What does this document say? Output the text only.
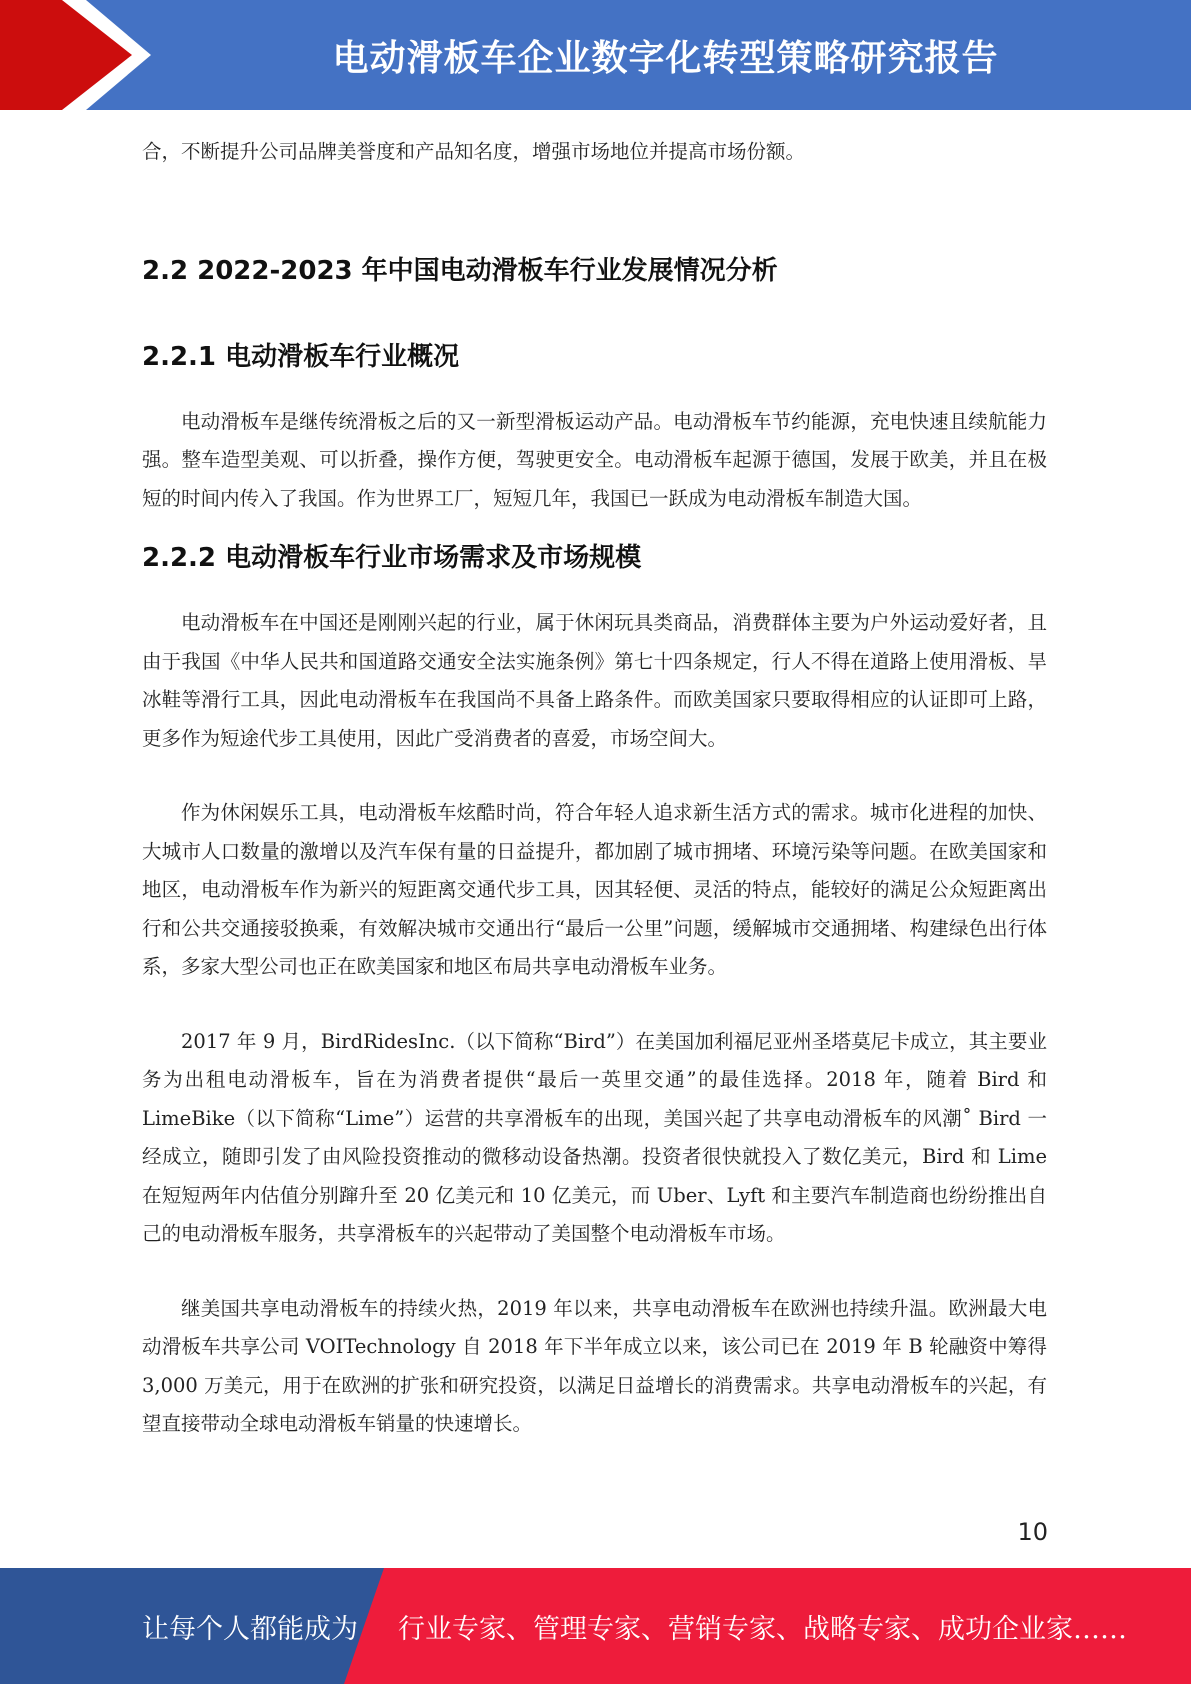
电动滑板车企业数字化转型策略研究报告

合，不断提升公司品牌美誉度和产品知名度，增强市场地位并提高市场份额。

2.2 2022-2023 年中国电动滑板车行业发展情况分析
2.2.1 电动滑板车行业概况

电动滑板车是继传统滑板之后的又一新型滑板运动产品。电动滑板车节约能源，充电快速且续航能力强。整车造型美观、可以折叠，操作方便，驾驶更安全。电动滑板车起源于德国，发展于欧美，并且在极短的时间内传入了我国。作为世界工厂，短短几年，我国已一跃成为电动滑板车制造大国。

2.2.2 电动滑板车行业市场需求及市场规模

电动滑板车在中国还是刚刚兴起的行业，属于休闲玩具类商品，消费群体主要为户外运动爱好者，且由于我国《中华人民共和国道路交通安全法实施条例》第七十四条规定，行人不得在道路上使用滑板、旱冰鞋等滑行工具，因此电动滑板车在我国尚不具备上路条件。而欧美国家只要取得相应的认证即可上路，更多作为短途代步工具使用，因此广受消费者的喜爱，市场空间大。

作为休闲娱乐工具，电动滑板车炫酷时尚，符合年轻人追求新生活方式的需求。城市化进程的加快、大城市人口数量的激增以及汽车保有量的日益提升，都加剧了城市拥堵、环境污染等问题。在欧美国家和地区，电动滑板车作为新兴的短距离交通代步工具，因其轻便、灵活的特点，能较好的满足公众短距离出行和公共交通接驳换乘，有效解决城市交通出行“最后一公里”问题，缓解城市交通拥堵、构建绿色出行体系，多家大型公司也正在欧美国家和地区布局共享电动滑板车业务。

2017 年 9 月，BirdRidesInc.（以下简称“Bird”）在美国加利福尼亚州圣塔莫尼卡成立，其主要业务为出租电动滑板车，旨在为消费者提供“最后一英里交通”的最佳选择。2018 年，随着 Bird 和 LimeBike（以下简称“Lime”）运营的共享滑板车的出现，美国兴起了共享电动滑板车的风潮˚ Bird 一经成立，随即引发了由风险投资推动的微移动设备热潮。投资者很快就投入了数亿美元，Bird 和 Lime 在短短两年内估值分别蹿升至 20 亿美元和 10 亿美元，而 Uber、Lyft 和主要汽车制造商也纷纷推出自己的电动滑板车服务，共享滑板车的兴起带动了美国整个电动滑板车市场。

继美国共享电动滑板车的持续火热，2019 年以来，共享电动滑板车在欧洲也持续升温。欧洲最大电动滑板车共享公司 VOITechnology 自 2018 年下半年成立以来，该公司已在 2019 年 B 轮融资中筹得 3,000 万美元，用于在欧洲的扩张和研究投资，以满足日益增长的消费需求。共享电动滑板车的兴起，有望直接带动全球电动滑板车销量的快速增长。

10
让每个人都能成为 行业专家、管理专家、营销专家、战略专家、成功企业家……
